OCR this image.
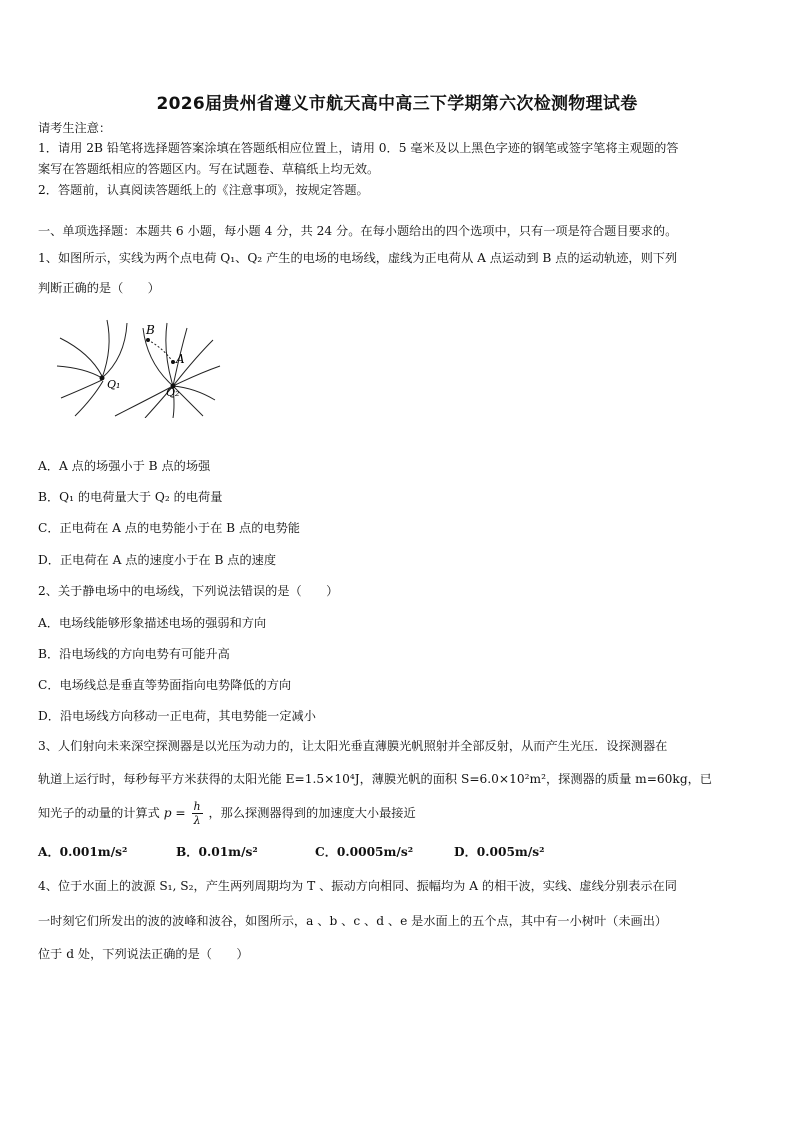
2026届贵州省遵义市航天高中高三下学期第六次检测物理试卷
请考生注意：
1．请用 2B 铅笔将选择题答案涂填在答题纸相应位置上，请用 0．5 毫米及以上黑色字迹的钢笔或签字笔将主观题的答
案写在答题纸相应的答题区内。写在试题卷、草稿纸上均无效。
2．答题前，认真阅读答题纸上的《注意事项》，按规定答题。
一、单项选择题：本题共 6 小题，每小题 4 分，共 24 分。在每小题给出的四个选项中，只有一项是符合题目要求的。
1、如图所示，实线为两个点电荷 Q₁、Q₂ 产生的电场的电场线，虚线为正电荷从 A 点运动到 B 点的运动轨迹，则下列
判断正确的是（　　）
B
A
Q₁
Q₂
A．A 点的场强小于 B 点的场强
B．Q₁ 的电荷量大于 Q₂ 的电荷量
C．正电荷在 A 点的电势能小于在 B 点的电势能
D．正电荷在 A 点的速度小于在 B 点的速度
2、关于静电场中的电场线，下列说法错误的是（　　）
A．电场线能够形象描述电场的强弱和方向
B．沿电场线的方向电势有可能升高
C．电场线总是垂直等势面指向电势降低的方向
D．沿电场线方向移动一正电荷，其电势能一定减小
3、人们射向未来深空探测器是以光压为动力的，让太阳光垂直薄膜光帆照射并全部反射，从而产生光压．设探测器在
轨道上运行时，每秒每平方米获得的太阳光能 E=1.5×10⁴J，薄膜光帆的面积 S=6.0×10²m²，探测器的质量 m=60kg，已
知光子的动量的计算式 $p = \frac{h}{\lambda}$ ，那么探测器得到的加速度大小最接近
A．0.001m/s²	B．0.01m/s²	C．0.0005m/s²	D．0.005m/s²
4、位于水面上的波源 S₁, S₂，产生两列周期均为 T 、振动方向相同、振幅均为 A 的相干波，实线、虚线分别表示在同
一时刻它们所发出的波的波峰和波谷，如图所示，a 、b 、c 、d 、e 是水面上的五个点，其中有一小树叶（未画出）
位于 d 处，下列说法正确的是（　　）
